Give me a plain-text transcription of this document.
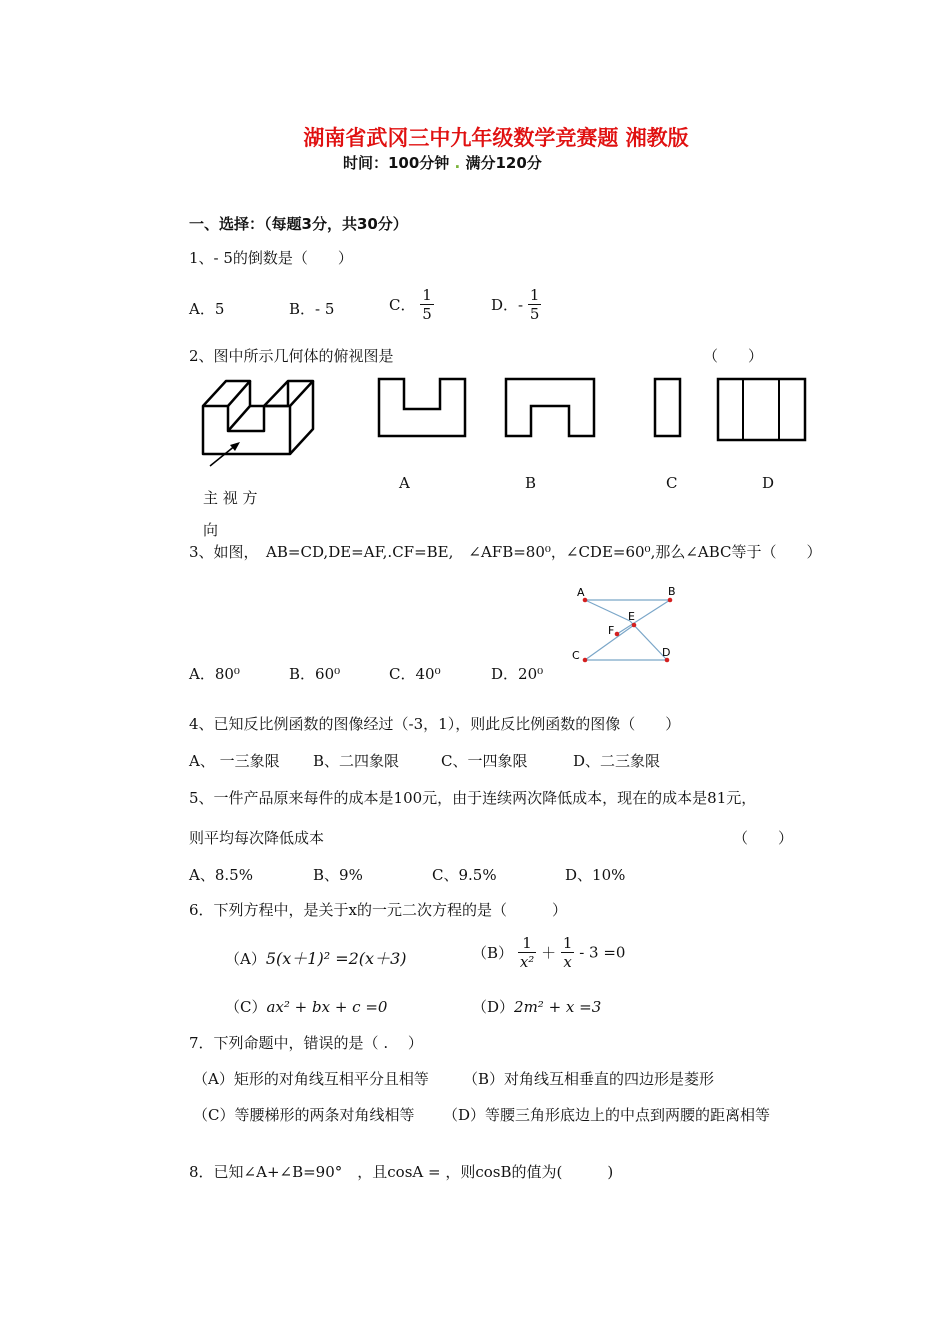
湖南省武冈三中九年级数学竞赛题 湘教版
时间：100分钟 . 满分120分
一、选择：（每题3分，共30分）
1、- 5的倒数是（　　）
A．5	B．- 5	C． $\frac{1}{5}$	D．- $\frac{1}{5}$
2、图中所示几何体的俯视图是	（　　）
主 视 方
向
A	B	C	D
3、如图，　AB=CD,DE=AF,.CF=BE,　∠AFB=80⁰，∠CDE=60⁰,那么∠ABC等于（　　）
A	B
E
F
C	D
A．80⁰	B．60⁰	C．40⁰	D．20⁰
4、已知反比例函数的图像经过（-3，1），则此反比例函数的图像（　　）
A、 一三象限 B、二四象限	C、一四象限	D、二三象限
5、一件产品原来每件的成本是100元，由于连续两次降低成本，现在的成本是81元，
则平均每次降低成本	（　　）
A、8.5%	B、9%	C、9.5%	D、10%
6．下列方程中，是关于x的一元二次方程的是（　　　）
（A）5(x＋1)² =2(x＋3)	$(B) \frac{1}{\text{x²}} + \frac{1}{x} - 3 =0$
（C）ax² + bx + c =0	（D）2m² + x =3
7．下列命题中，错误的是（ .　 ）
（A）矩形的对角线互相平分且相等 （B）对角线互相垂直的四边形是菱形
（C）等腰梯形的两条对角线相等 （D）等腰三角形底边上的中点到两腰的距离相等
8．已知∠A+∠B=90°　，且cosA = ，则cosB的值为(　　　)
